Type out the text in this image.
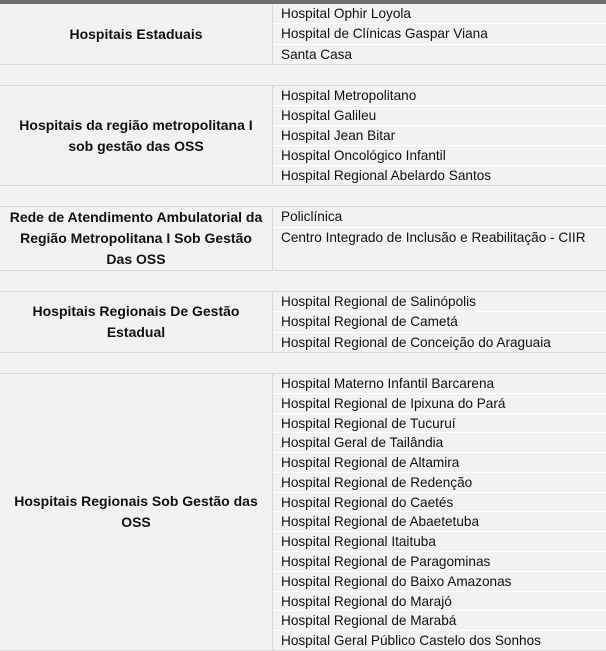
Hospitais Estaduais
Hospital Ophir Loyola
Hospital de Clínicas Gaspar Viana
Santa Casa
Hospitais da região metropolitana I sob gestão das OSS
Hospital Metropolitano
Hospital Galileu
Hospital Jean Bitar
Hospital Oncológico Infantil
Hospital Regional Abelardo Santos
Rede de Atendimento Ambulatorial da Região Metropolitana I Sob Gestão Das OSS
Policlínica
Centro Integrado de Inclusão e Reabilitação - CIIR
Hospitais Regionais De Gestão Estadual
Hospital Regional de Salinópolis
Hospital Regional de Cametá
Hospital Regional de Conceição do Araguaia
Hospitais Regionais Sob Gestão das OSS
Hospital Materno Infantil Barcarena
Hospital Regional de Ipixuna do Pará
Hospital Regional de Tucuruí
Hospital Geral de Tailândia
Hospital Regional de Altamira
Hospital Regional de Redenção
Hospital Regional do Caetés
Hospital Regional de Abaetetuba
Hospital Regional Itaituba
Hospital Regional de Paragominas
Hospital Regional do Baixo Amazonas
Hospital Regional do Marajó
Hospital Regional de Marabá
Hospital Geral Público Castelo dos Sonhos
